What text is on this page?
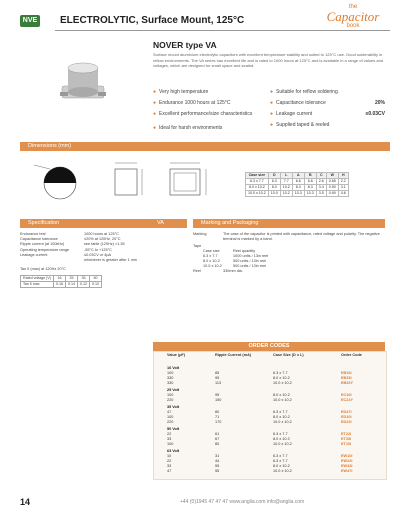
NVE ELECTROLYTIC, Surface Mount, 125°C
the
Capacitor
book
NOVER type VA
Surface mount aluminium electrolytic capacitors with excellent temperature stability and suited to 125°C use. Good solderability in reflow environments. The VA series has excellent life and is rated to 1000 hours at 125°C and is available in a range of values and voltages, which are designed for small space and sealed.
● Very high temperature
● Endurance 1000 hours at 125°C
● Excellent performance/size characteristics
● Ideal for harsh environments
● Suitable for reflow soldering
● Capacitance tolerance	20%
● Leakage current	≤0.03CV
● Supplied taped & reeled
Dimensions (mm)
Case size	D	L	A	B	C	W	H
6.3 x 7.7	6.3	7.7	6.6	6.6	2.6	0.65	2.2
8.0 x 10.2	8.0	10.2	8.3	8.3	3.4	0.90	3.1
10.0 x 10.2	10.0	10.2	10.3	10.3	3.5	0.90	4.6
Specification	VA
Endurance test	1000 hours at 125°C
Capacitance tolerance	±20% at 120Hz, 20°C
Ripple current (at 100kHz)	see table (120Hz) ×1.35
Operating temperature range	-55°C to +125°C
Leakage current	≤0.03CV or 4µA
whichever is greater after 1 min
Tan δ (max) at 120Hz 20°C
Rated voltage (V)	16	25	35	50
Tan δ max	0.16	0.14	0.12	0.10
Marking and Packaging
Marking	The case of the capacitor is printed with capacitance, rated voltage and polarity. The negative terminal is marked by a band.
Tape
Case size	Reel quantity
6.3 x 7.7	1000 units / 13in reel
8.0 x 10.2	500 units / 13in reel
10.0 x 10.2	500 units / 13in reel
Reel	330mm dia.
ORDER CODES
Value (µF)	Ripple Current (mA)	Case Size (D x L)	Order Code
16 Volt
100	85	6.3 x 7.7	EB16I
330	95	8.0 x 10.2	EB33I
330	113	10.0 x 10.2	EB33Y
25 Volt
100	95	8.0 x 10.2	EC10I
220	150	10.0 x 10.2	EC22Y
35 Volt
47	80	6.3 x 7.7	ED47I
100	71	8.0 x 10.2	ED10I
220	170	10.0 x 10.2	ED22I
50 Volt
22	61	6.3 x 7.7	ET22I
33	67	8.0 x 10.2	ET33I
100	80	10.0 x 10.2	ET10I
63 Volt
10	31	6.3 x 7.7	EW10I
22	44	6.3 x 7.7	EW22I
33	55	8.0 x 10.2	EW33I
47	55	10.0 x 10.2	EW47I
14	+44 (0)1945 47 47 47 www.anglia.com info@anglia.com
